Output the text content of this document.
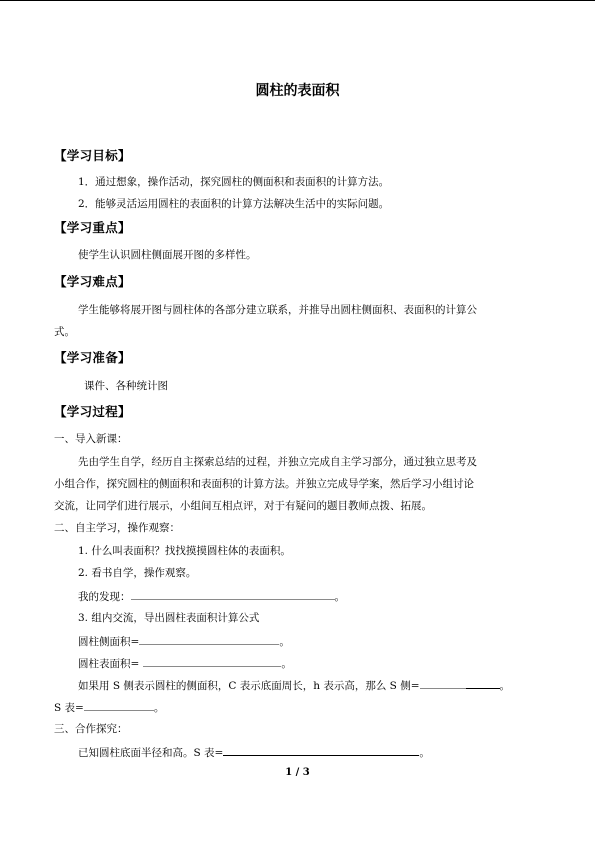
圆柱的表面积
【学习目标】
1．通过想象，操作活动，探究圆柱的侧面积和表面积的计算方法。
2．能够灵活运用圆柱的表面积的计算方法解决生活中的实际问题。
【学习重点】
使学生认识圆柱侧面展开图的多样性。
【学习难点】
学生能够将展开图与圆柱体的各部分建立联系，并推导出圆柱侧面积、表面积的计算公
式。
【学习准备】
课件、各种统计图
【学习过程】
一、导入新课：
先由学生自学，经历自主探索总结的过程，并独立完成自主学习部分，通过独立思考及
小组合作，探究圆柱的侧面积和表面积的计算方法。并独立完成导学案，然后学习小组讨论
交流，让同学们进行展示，小组间互相点评，对于有疑问的题目教师点拨、拓展。
二、自主学习，操作观察：
1. 什么叫表面积？找找摸摸圆柱体的表面积。
2. 看书自学，操作观察。
我的发现：	。
3. 组内交流，导出圆柱表面积计算公式
圆柱侧面积=	。
圆柱表面积=	。
如果用 S 侧表示圆柱的侧面积，C 表示底面周长，h 表示高，那么 S 侧=	。
S 表=	。
三、合作探究：
已知圆柱底面半径和高。S 表=	。
1 / 3
